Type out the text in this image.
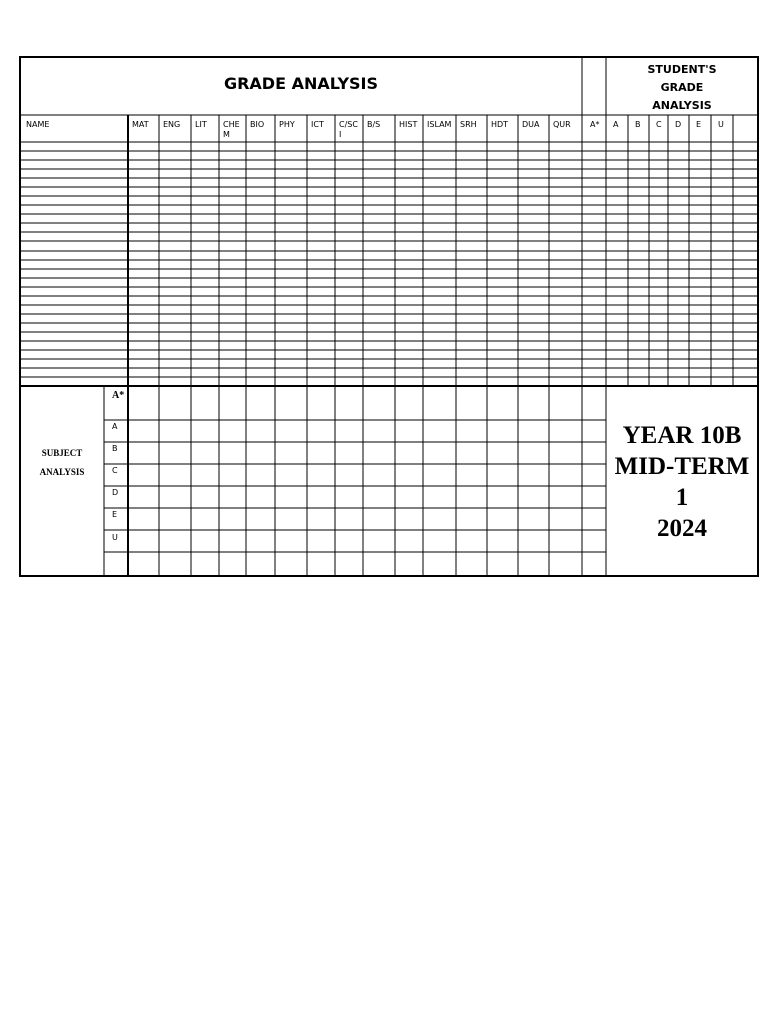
GRADE ANALYSIS
STUDENT'S
GRADE
ANALYSIS
NAME	MAT ENG LIT CHE
M
BIO PHY ICT C/SC
I
B/S HIST ISLAM SRH HDT DUA QUR A* A B C D E U
SUBJECT
ANALYSIS
A*
A
B
C
D
E
U
YEAR 10B
MID-TERM
1
2024
